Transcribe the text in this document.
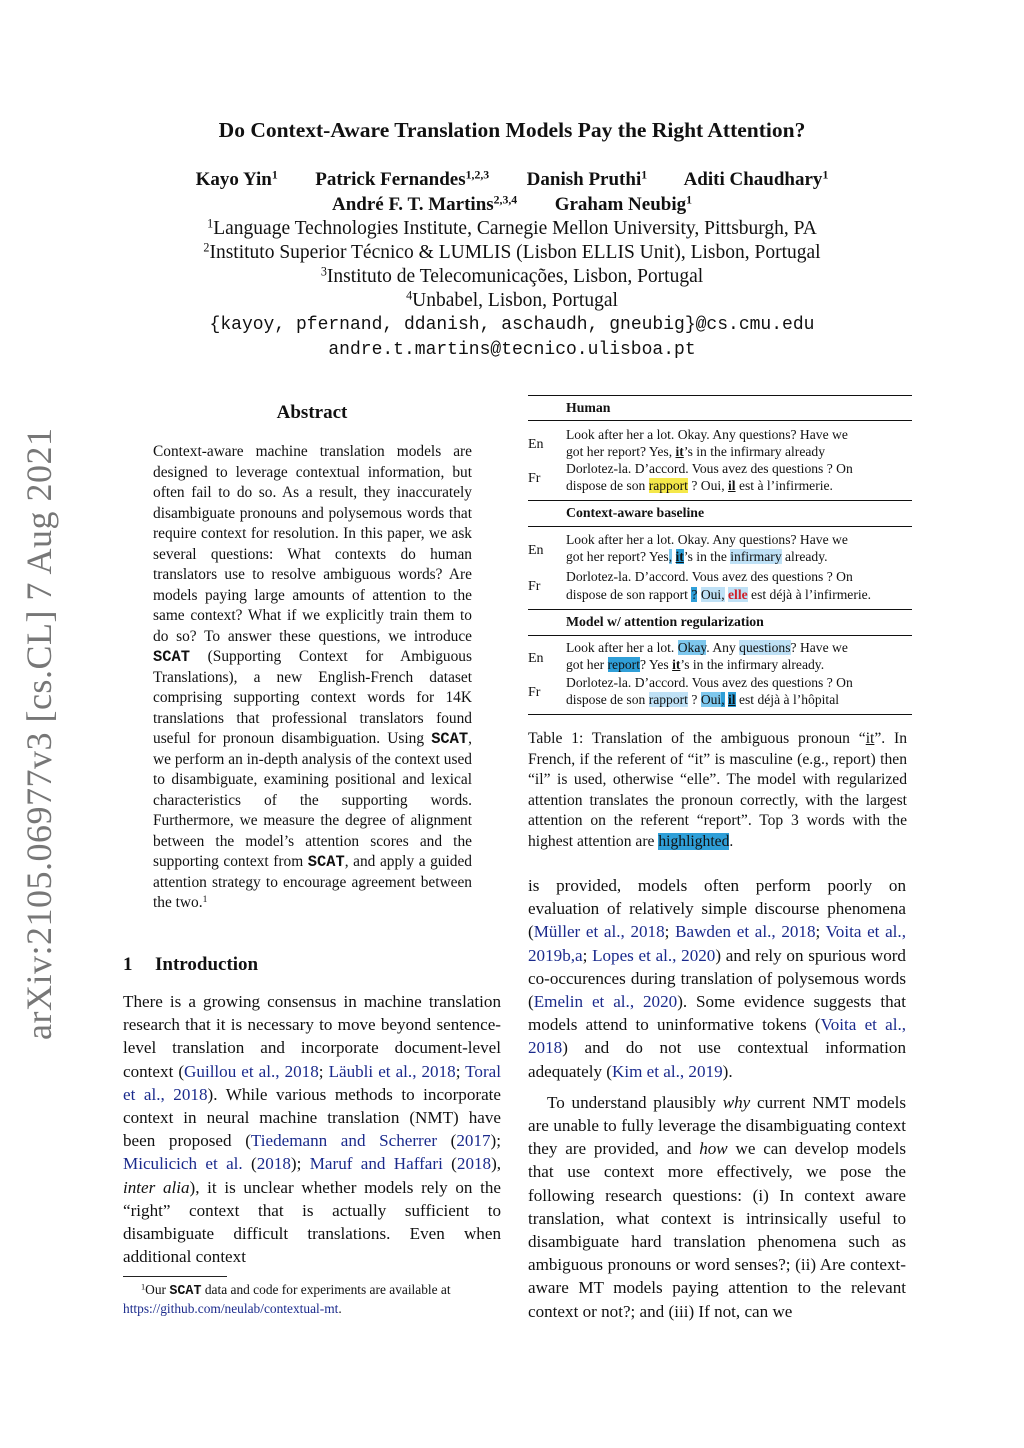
arXiv:2105.06977v3 [cs.CL] 7 Aug 2021
Do Context-Aware Translation Models Pay the Right Attention?
Kayo Yin$^1$ Patrick Fernandes$^{1,2,3}$ Danish Pruthi$^1$ Aditi Chaudhary$^1$
André F. T. Martins$^{2,3,4}$ Graham Neubig$^1$
$^1$Language Technologies Institute, Carnegie Mellon University, Pittsburgh, PA
$^2$Instituto Superior Técnico & LUMLIS (Lisbon ELLIS Unit), Lisbon, Portugal
$^3$Instituto de Telecomunicações, Lisbon, Portugal
$^4$Unbabel, Lisbon, Portugal
{kayoy, pfernand, ddanish, aschaudh, gneubig}@cs.cmu.edu
andre.t.martins@tecnico.ulisboa.pt
Abstract

Context-aware machine translation models are designed to leverage contextual information, but often fail to do so. As a result, they inaccurately disambiguate pronouns and polysemous words that require context for resolution. In this paper, we ask several questions: What contexts do human translators use to resolve ambiguous words? Are models paying large amounts of attention to the same context? What if we explicitly train them to do so? To answer these questions, we introduce SCAT (Supporting Context for Ambiguous Translations), a new English-French dataset comprising supporting context words for 14K translations that professional translators found useful for pronoun disambiguation. Using SCAT, we perform an in-depth analysis of the context used to disambiguate, examining positional and lexical characteristics of the supporting words. Furthermore, we measure the degree of alignment between the model’s attention scores and the supporting context from SCAT, and apply a guided attention strategy to encourage agreement between the two.$^1$

1 Introduction

There is a growing consensus in machine translation research that it is necessary to move beyond sentence-level translation and incorporate document-level context (Guillou et al., 2018; Läubli et al., 2018; Toral et al., 2018). While various methods to incorporate context in neural machine translation (NMT) have been proposed (Tiedemann and Scherrer (2017); Miculicich et al. (2018); Maruf and Haffari (2018), inter alia), it is unclear whether models rely on the “right” context that is actually sufficient to disambiguate difficult translations. Even when additional context

$^1$Our SCAT data and code for experiments are available at
https://github.com/neulab/contextual-mt.
Human
En
Look after her a lot. Okay. Any questions? Have we
got her report? Yes, it’s in the infirmary already
Fr
Dorlotez-la. D’accord. Vous avez des questions ? On
dispose de son rapport ? Oui, il est à l’infirmerie.
Context-aware baseline
En
Look after her a lot. Okay. Any questions? Have we
got her report? Yes, it’s in the infirmary already.
Fr
Dorlotez-la. D’accord. Vous avez des questions ? On
dispose de son rapport ? Oui, elle est déjà à l’infirmerie.
Model w/ attention regularization
En
Look after her a lot. Okay. Any questions? Have we
got her report? Yes it’s in the infirmary already.
Fr
Dorlotez-la. D’accord. Vous avez des questions ? On
dispose de son rapport ? Oui, il est déjà à l’hôpital
Table 1: Translation of the ambiguous pronoun “it”. In French, if the referent of “it” is masculine (e.g., report) then “il” is used, otherwise “elle”. The model with regularized attention translates the pronoun correctly, with the largest attention on the referent “report”. Top 3 words with the highest attention are highlighted.

is provided, models often perform poorly on evaluation of relatively simple discourse phenomena (Müller et al., 2018; Bawden et al., 2018; Voita et al., 2019b,a; Lopes et al., 2020) and rely on spurious word co-occurences during translation of polysemous words (Emelin et al., 2020). Some evidence suggests that models attend to uninformative tokens (Voita et al., 2018) and do not use contextual information adequately (Kim et al., 2019).

To understand plausibly why current NMT models are unable to fully leverage the disambiguating context they are provided, and how we can develop models that use context more effectively, we pose the following research questions: (i) In context aware translation, what context is intrinsically useful to disambiguate hard translation phenomena such as ambiguous pronouns or word senses?; (ii) Are context-aware MT models paying attention to the relevant context or not?; and (iii) If not, can we
